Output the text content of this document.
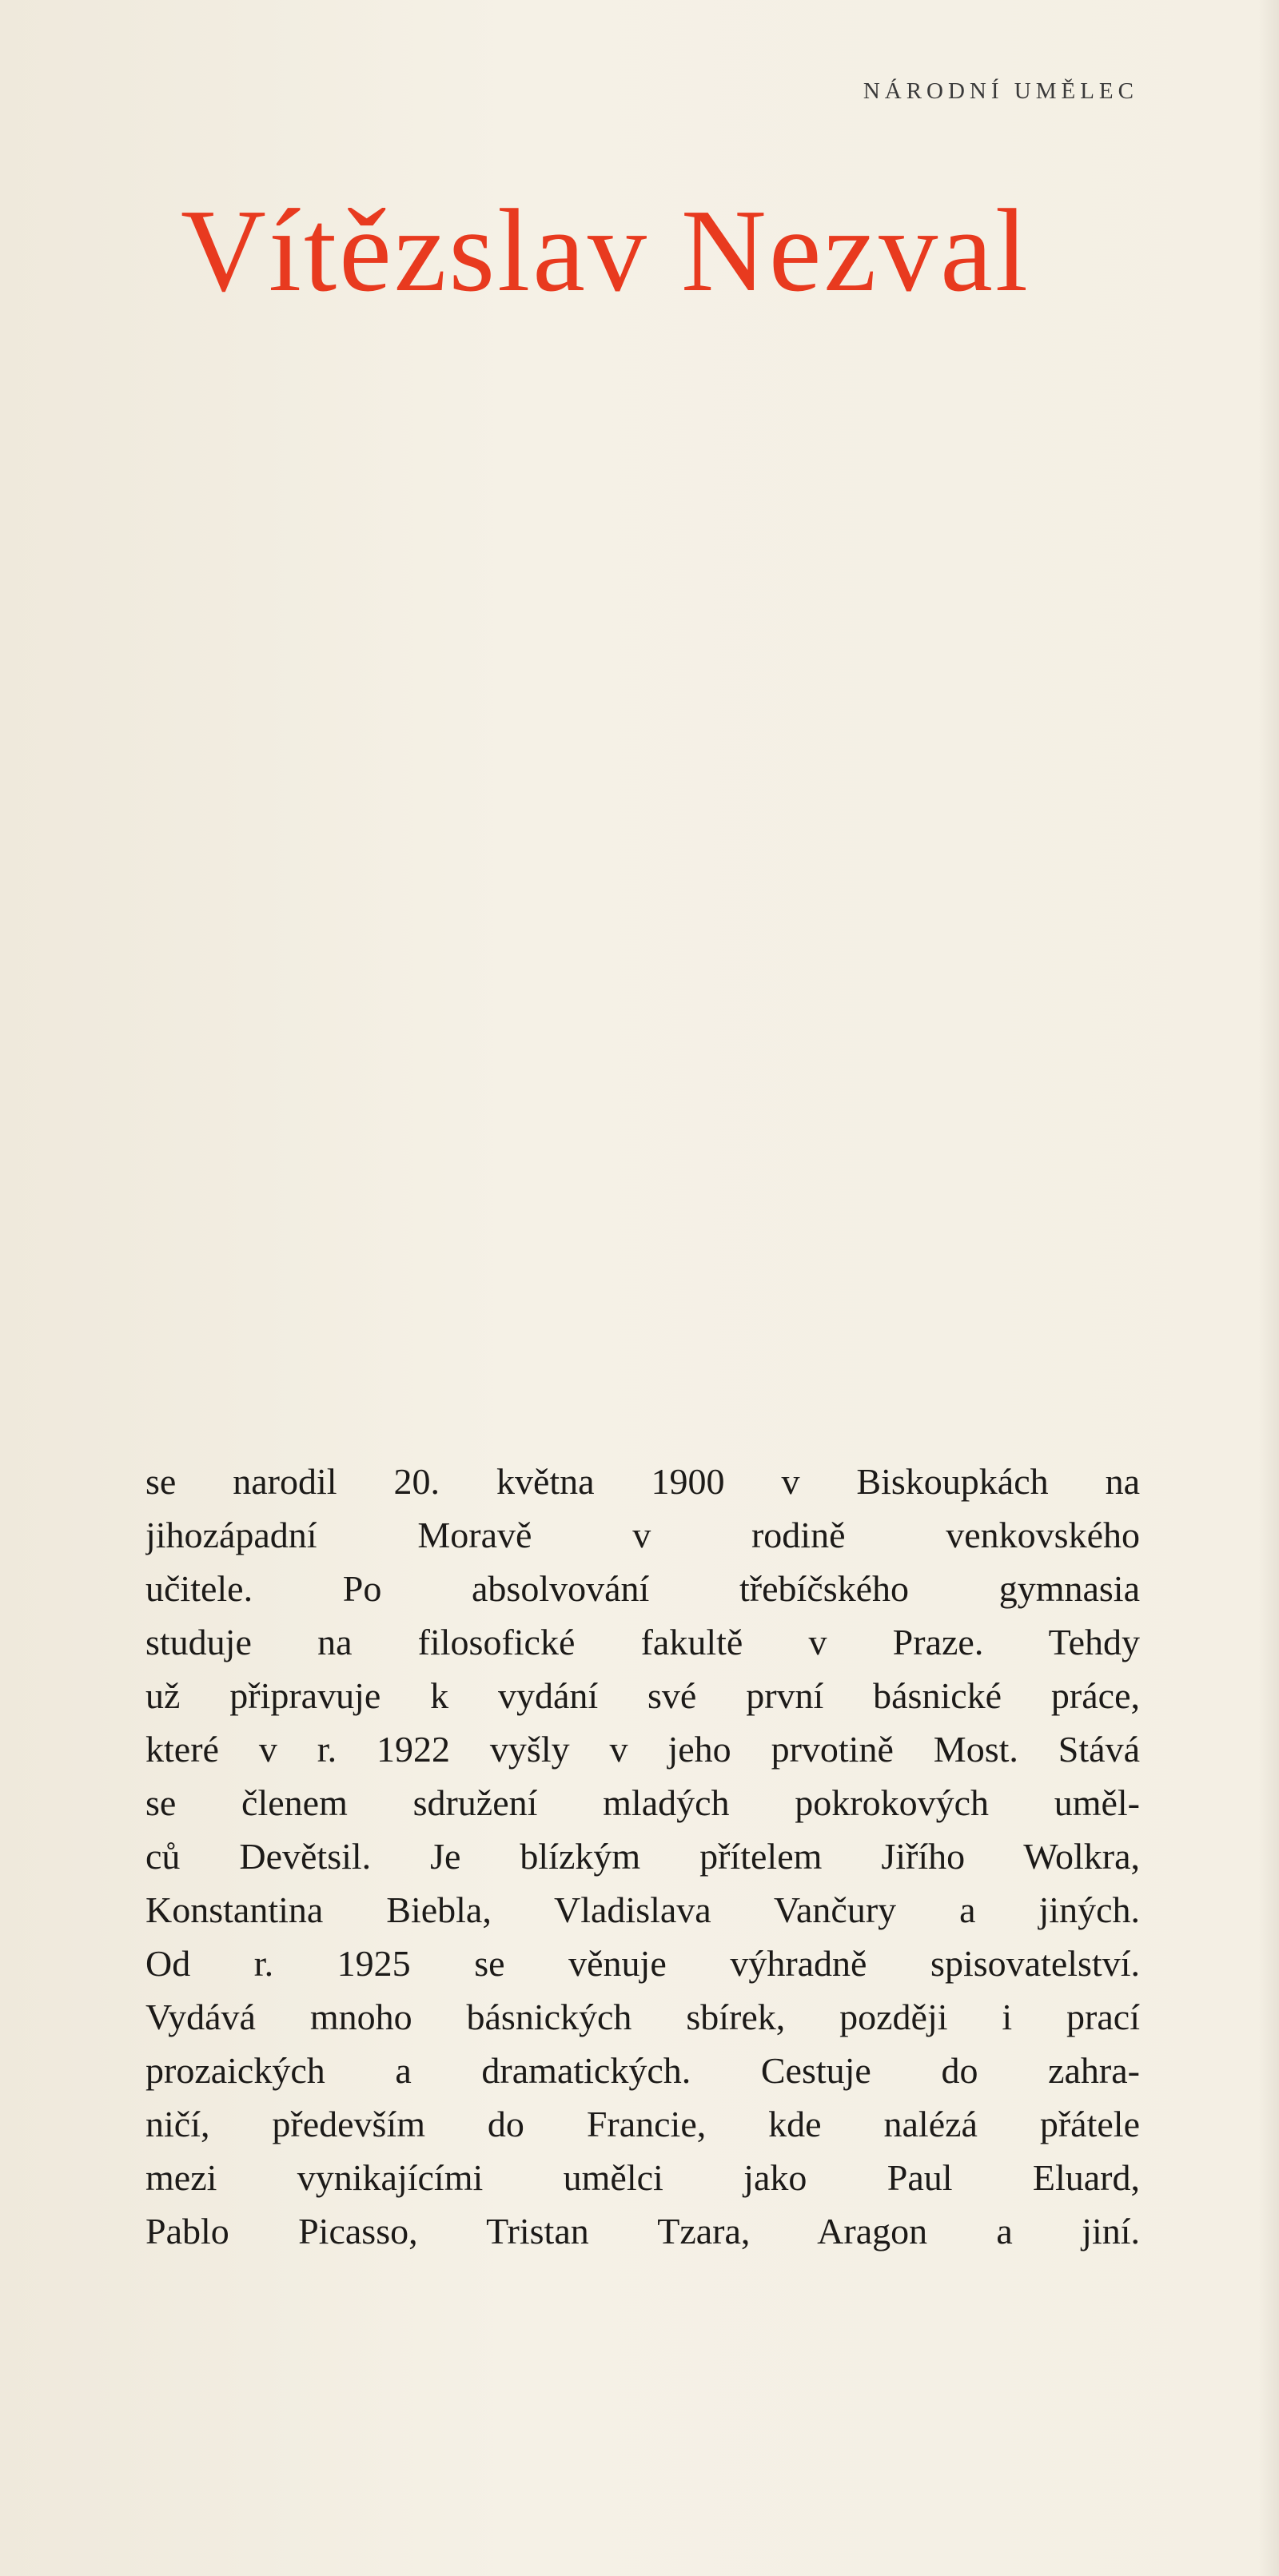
NÁRODNÍ UMĚLEC
Vítězslav Nezval
se narodil 20. května 1900 v Biskoupkách na
jihozápadní Moravě v rodině venkovského
učitele. Po absolvování třebíčského gymnasia
studuje na filosofické fakultě v Praze. Tehdy
už připravuje k vydání své první básnické práce,
které v r. 1922 vyšly v jeho prvotině Most. Stává
se členem sdružení mladých pokrokových uměl-
ců Devětsil. Je blízkým přítelem Jiřího Wolkra,
Konstantina Biebla, Vladislava Vančury a jiných.
Od r. 1925 se věnuje výhradně spisovatelství.
Vydává mnoho básnických sbírek, později i prací
prozaických a dramatických. Cestuje do zahra-
ničí, především do Francie, kde nalézá přátele
mezi vynikajícími umělci jako Paul Eluard,
Pablo Picasso, Tristan Tzara, Aragon a jiní.
